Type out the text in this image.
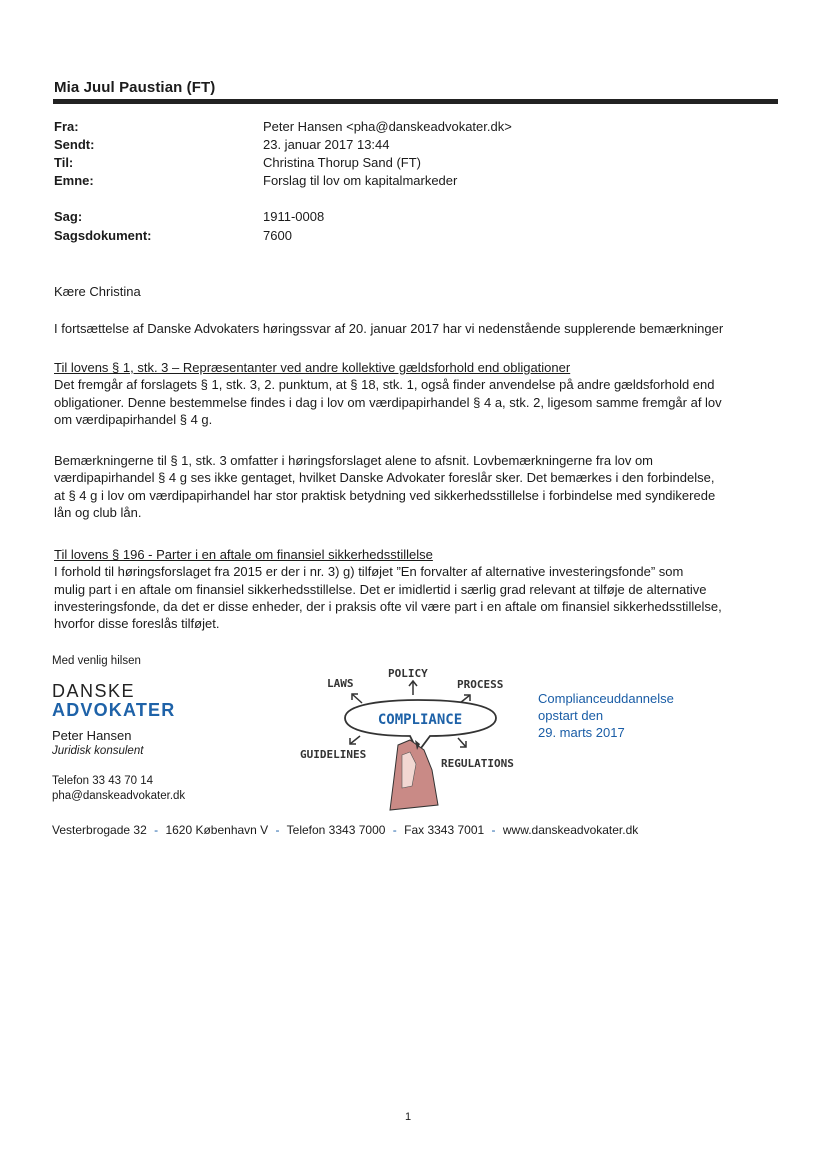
Mia Juul Paustian (FT)
Fra:	Peter Hansen <pha@danskeadvokater.dk>
Sendt:	23. januar 2017 13:44
Til:	Christina Thorup Sand (FT)
Emne:	Forslag til lov om kapitalmarkeder
Sag:	1911-0008
Sagsdokument:	7600
Kære Christina
I fortsættelse af Danske Advokaters høringssvar af 20. januar 2017 har vi nedenstående supplerende bemærkninger

Til lovens § 1, stk. 3 – Repræsentanter ved andre kollektive gældsforhold end obligationer

Det fremgår af forslagets § 1, stk. 3, 2. punktum, at § 18, stk. 1, også finder anvendelse på andre gældsforhold end

obligationer. Denne bestemmelse findes i dag i lov om værdipapirhandel § 4 a, stk. 2, ligesom samme fremgår af lov

om værdipapirhandel § 4 g.

Bemærkningerne til § 1, stk. 3 omfatter i høringsforslaget alene to afsnit. Lovbemærkningerne fra lov om

værdipapirhandel § 4 g ses ikke gentaget, hvilket Danske Advokater foreslår sker. Det bemærkes i den forbindelse,

at § 4 g i lov om værdipapirhandel har stor praktisk betydning ved sikkerhedsstillelse i forbindelse med syndikerede

lån og club lån.

Til lovens § 196 - Parter i en aftale om finansiel sikkerhedsstillelse

I forhold til høringsforslaget fra 2015 er der i nr. 3) g) tilføjet ”En forvalter af alternative investeringsfonde” som

mulig part i en aftale om finansiel sikkerhedsstillelse. Det er imidlertid i særlig grad relevant at tilføje de alternative

investeringsfonde, da det er disse enheder, der i praksis ofte vil være part i en aftale om finansiel sikkerhedsstillelse,

hvorfor disse foreslås tilføjet.

Med venlig hilsen
DANSKE
ADVOKATER
Peter Hansen
Juridisk konsulent
Telefon 33 43 70 14
pha@danskeadvokater.dk
LAWS
POLICY
PROCESS
GUIDELINES
REGULATIONS
COMPLIANCE
Complianceuddannelse
opstart den
29. marts 2017
Vesterbrogade 32 - 1620 København V - Telefon 3343 7000 - Fax 3343 7001 - www.danskeadvokater.dk
1
